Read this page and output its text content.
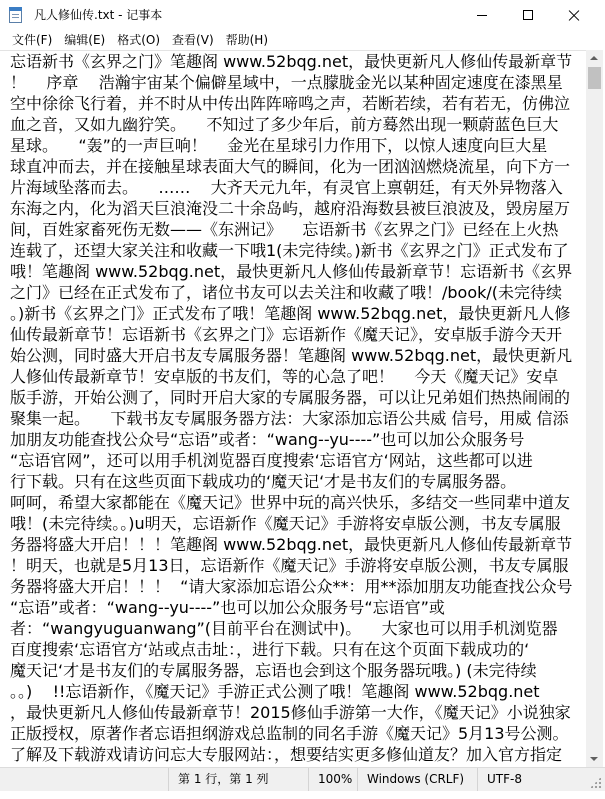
凡人修仙传.txt - 记事本
文件(F)	编辑(E)	格式(O)	查看(V)	帮助(H)
忘语新书《玄界之门》笔趣阁 www.52bqg.net，最快更新凡人修仙传最新章节
！    序章    浩瀚宇宙某个偏僻星域中，一点朦胧金光以某种固定速度在漆黑星
空中徐徐飞行着，并不时从中传出阵阵啼鸣之声，若断若续，若有若无，仿佛泣
血之音，又如九幽狞笑。    不知过了多少年后，前方蓦然出现一颗蔚蓝色巨大
星球。    “轰”的一声巨响！    金光在星球引力作用下，以惊人速度向巨大星
球直冲而去，并在接触星球表面大气的瞬间，化为一团汹汹燃烧流星，向下方一
片海域坠落而去。    ……    大齐天元九年，有灵官上禀朝廷，有天外异物落入
东海之内，化为滔天巨浪淹没二十余岛屿，越府沿海数县被巨浪波及，毁房屋万
间，百姓家畜死伤无数——《东洲记》    忘语新书《玄界之门》已经在上火热
连载了，还望大家关注和收藏一下哦1(未完待续。)新书《玄界之门》正式发布了
哦！笔趣阁 www.52bqg.net，最快更新凡人修仙传最新章节！忘语新书《玄界
之门》已经在正式发布了，诸位书友可以去关注和收藏了哦！/book/(未完待续
。)新书《玄界之门》正式发布了哦！笔趣阁 www.52bqg.net，最快更新凡人修
仙传最新章节！忘语新书《玄界之门》忘语新作《魔天记》，安卓版手游今天开
始公测，同时盛大开启书友专属服务器！笔趣阁 www.52bqg.net，最快更新凡
人修仙传最新章节！安卓版的书友们，等的心急了吧！    今天《魔天记》安卓
版手游，开始公测了，同时开启大家的专属服务器，可以让兄弟姐们热热闹闹的
聚集一起。    下载书友专属服务器方法：大家添加忘语公共威 信号，用威 信添
加朋友功能查找公众号“忘语”或者：“wang--yu----”也可以加公众服务号
“忘语官网”，还可以用手机浏览器百度搜索‘忘语官方‘网站，这些都可以进
行下载。只有在这些页面下载成功的‘魔天记‘才是书友们的专属服务器。
呵呵，希望大家都能在《魔天记》世界中玩的高兴快乐，多结交一些同辈中道友
哦！(未完待续。。)u明天，忘语新作《魔天记》手游将安卓版公测，书友专属服
务器将盛大开启！！！笔趣阁 www.52bqg.net，最快更新凡人修仙传最新章节
！明天，也就是5月13日，忘语新作《魔天记》手游将安卓版公测，书友专属服
务器将盛大开启！！！  “请大家添加忘语公众**：用**添加朋友功能查找公众号
“忘语”或者：“wang--yu----”也可以加公众服务号“忘语官”或
者：“wangyuguanwang”(目前平台在测试中)。    大家也可以用手机浏览器
百度搜索‘忘语官方‘站或点击址：，进行下载。只有在这个页面下载成功的‘
魔天记‘才是书友们的专属服务器，忘语也会到这个服务器玩哦。) (未完待续
。。)    !!忘语新作，《魔天记》手游正式公测了哦！笔趣阁 www.52bqg.net
，最快更新凡人修仙传最新章节！2015修仙手游第一大作，《魔天记》小说独家
正版授权，原著作者忘语担纲游戏总监制的同名手游《魔天记》5月13号公测。
了解及下载游戏请访问忘大专服网站：，想要结实更多修仙道友？加入官方指定
第 1 行，第 1 列	100%	Windows (CRLF)	UTF-8
